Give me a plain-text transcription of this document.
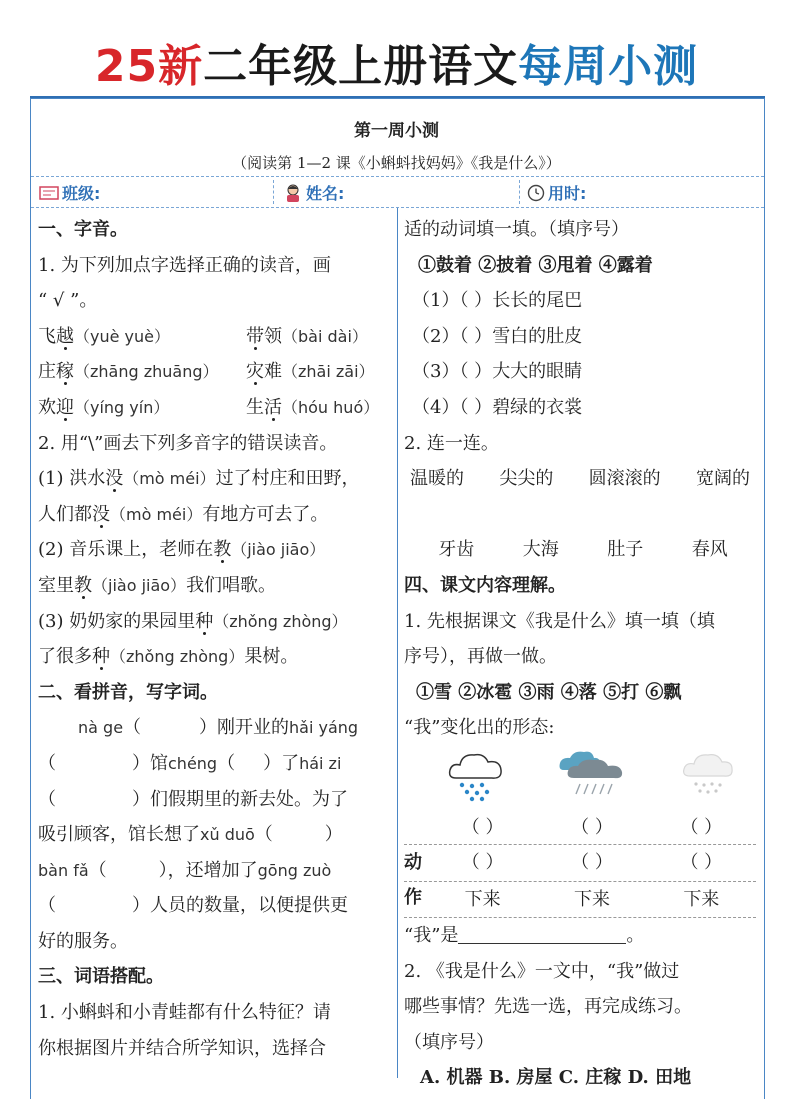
25新二年级上册语文每周小测
第一周小测
（阅读第 1—2 课《小蝌蚪找妈妈》《我是什么》）
班级:	姓名:	用时:
一、字音。
1. 为下列加点字选择正确的读音，画
“ √ ”。
飞越（yuè yuè）	带领（bài dài）
庄稼（zhāng zhuāng） 灾难（zhāi zāi）
欢迎（yíng yín）	生活（hóu huó）
2. 用“\”画去下列多音字的错误读音。
(1) 洪水没（mò méi）过了村庄和田野，
人们都没（mò méi）有地方可去了。
(2) 音乐课上，老师在教（jiào jiāo）
室里教（jiào jiāo）我们唱歌。
(3) 奶奶家的果园里种（zhǒng zhòng）
了很多种（zhǒng zhòng）果树。
二、看拼音，写字词。
nà ge（	）刚开业的hǎi yáng
（	）馆chéng（ ）了hái zi
（	）们假期里的新去处。为了
吸引顾客，馆长想了xǔ duō（	）
bàn fǎ（	），还增加了gōng zuò
（	）人员的数量，以便提供更
好的服务。
三、词语搭配。
1. 小蝌蚪和小青蛙都有什么特征？请
你根据图片并结合所学知识，选择合
适的动词填一填。（填序号）
①鼓着 ②披着 ③甩着 ④露着
（1）（ ）长长的尾巴
（2）（ ）雪白的肚皮
（3）（ ）大大的眼睛
（4）（ ）碧绿的衣裳
2. 连一连。
温暖的 尖尖的 圆滚滚的 宽阔的
牙齿	大海	肚子	春风
四、课文内容理解。
1. 先根据课文《我是什么》填一填（填
序号），再做一做。
①雪 ②冰雹 ③雨 ④落 ⑤打 ⑥飘
“我”变化出的形态:
（ ）	（ ）	（ ）
动
作
（ ）	（ ）	（ ）
下来	下来	下来
“我”是	。
2. 《我是什么》一文中，“我”做过
哪些事情？先选一选，再完成练习。
（填序号）
A. 机器 B. 房屋 C. 庄稼 D. 田地
